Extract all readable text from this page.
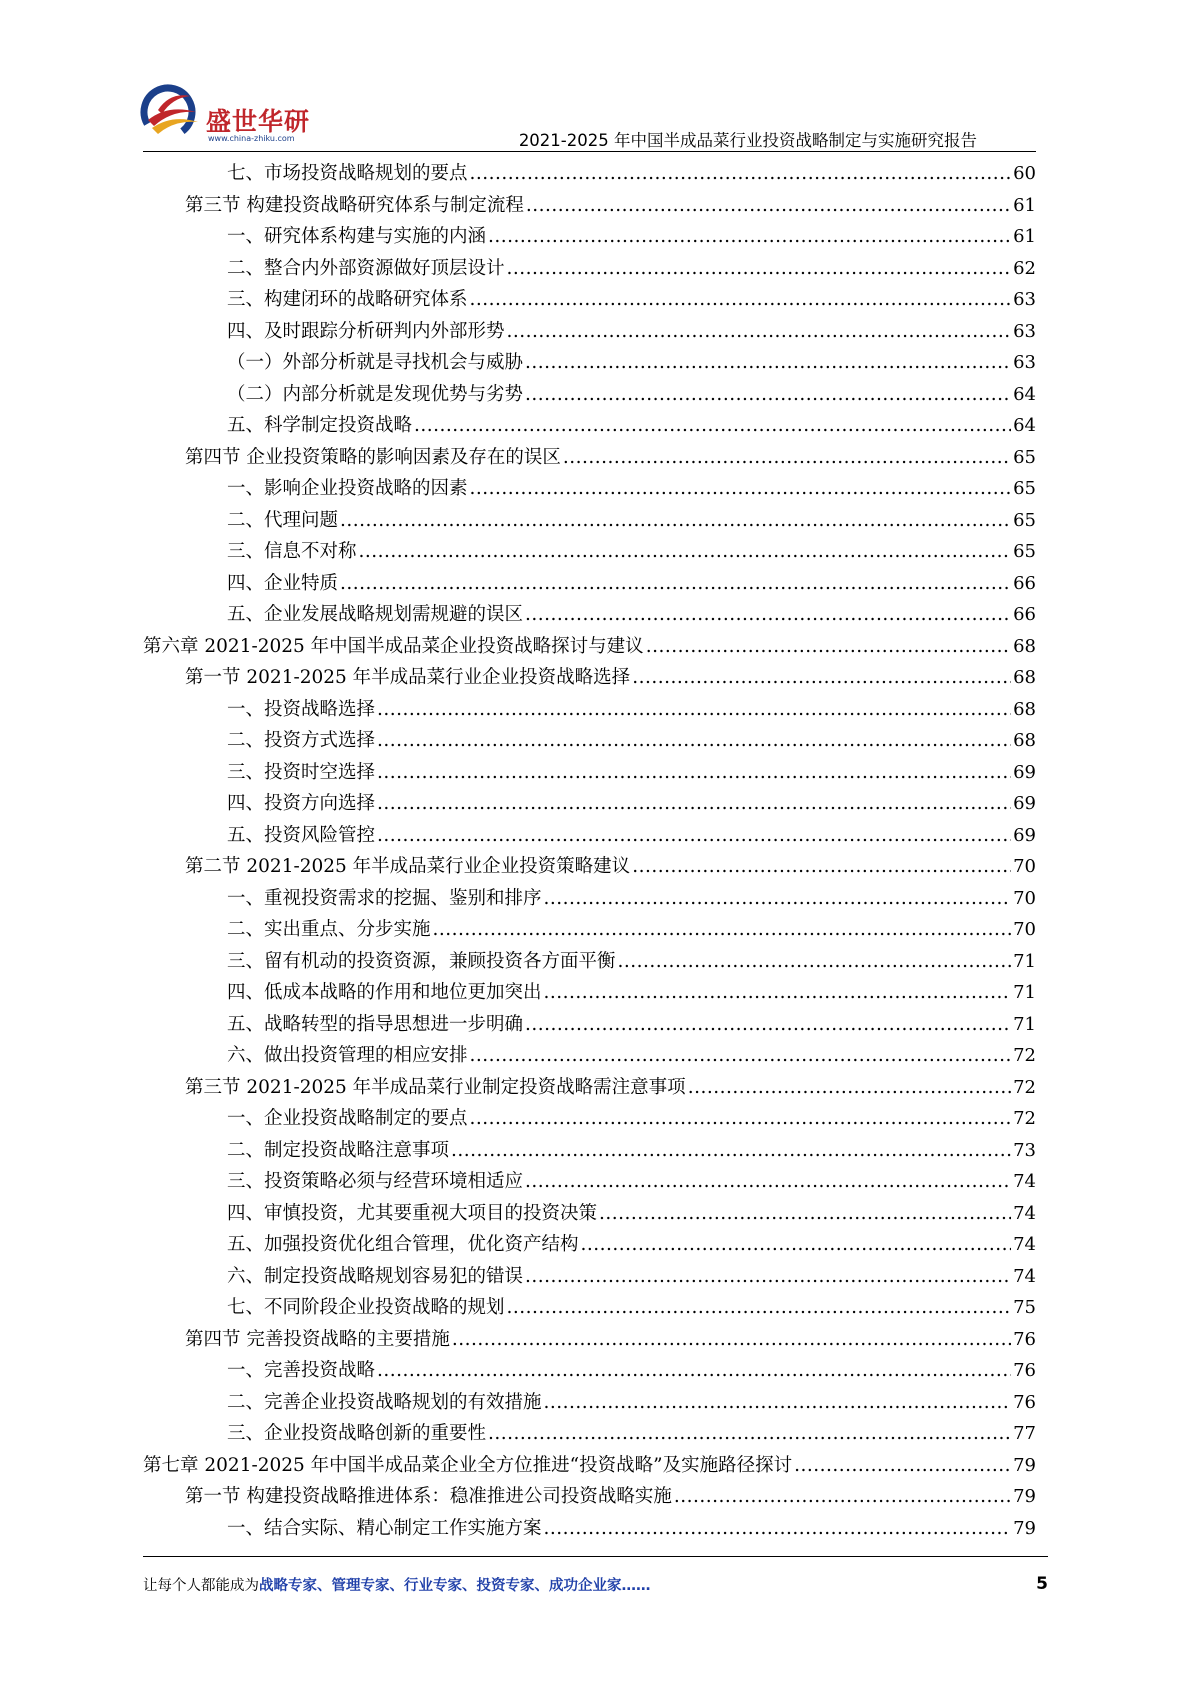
盛世华研
www.china-zhiku.com	2021-2025 年中国半成品菜行业投资战略制定与实施研究报告
七、市场投资战略规划的要点 .....	60
第三节 构建投资战略研究体系与制定流程 .....	61
一、研究体系构建与实施的内涵 .....	61
二、整合内外部资源做好顶层设计 .....	62
三、构建闭环的战略研究体系 .....	63
四、及时跟踪分析研判内外部形势 .....	63
（一）外部分析就是寻找机会与威胁 .....	63
（二）内部分析就是发现优势与劣势 .....	64
五、科学制定投资战略 .....	64
第四节 企业投资策略的影响因素及存在的误区 .....	65
一、影响企业投资战略的因素 .....	65
二、代理问题 .....	65
三、信息不对称 .....	65
四、企业特质 .....	66
五、企业发展战略规划需规避的误区 .....	66
第六章 2021-2025 年中国半成品菜企业投资战略探讨与建议 .....	68
第一节 2021-2025 年半成品菜行业企业投资战略选择 .....	68
一、投资战略选择 .....	68
二、投资方式选择 .....	68
三、投资时空选择 .....	69
四、投资方向选择 .....	69
五、投资风险管控 .....	69
第二节 2021-2025 年半成品菜行业企业投资策略建议 .....	70
一、重视投资需求的挖掘、鉴别和排序 .....	70
二、实出重点、分步实施 .....	70
三、留有机动的投资资源，兼顾投资各方面平衡 .....	71
四、低成本战略的作用和地位更加突出 .....	71
五、战略转型的指导思想进一步明确 .....	71
六、做出投资管理的相应安排 .....	72
第三节 2021-2025 年半成品菜行业制定投资战略需注意事项 .....	72
一、企业投资战略制定的要点 .....	72
二、制定投资战略注意事项 .....	73
三、投资策略必须与经营环境相适应 .....	74
四、审慎投资，尤其要重视大项目的投资决策 .....	74
五、加强投资优化组合管理，优化资产结构 .....	74
六、制定投资战略规划容易犯的错误 .....	74
七、不同阶段企业投资战略的规划 .....	75
第四节 完善投资战略的主要措施 .....	76
一、完善投资战略 .....	76
二、完善企业投资战略规划的有效措施 .....	76
三、企业投资战略创新的重要性 .....	77
第七章 2021-2025 年中国半成品菜企业全方位推进“投资战略”及实施路径探讨 .....	79
第一节 构建投资战略推进体系：稳准推进公司投资战略实施 .....	79
一、结合实际、精心制定工作实施方案 .....	79
让每个人都能成为战略专家、管理专家、行业专家、投资专家、成功企业家……	5
